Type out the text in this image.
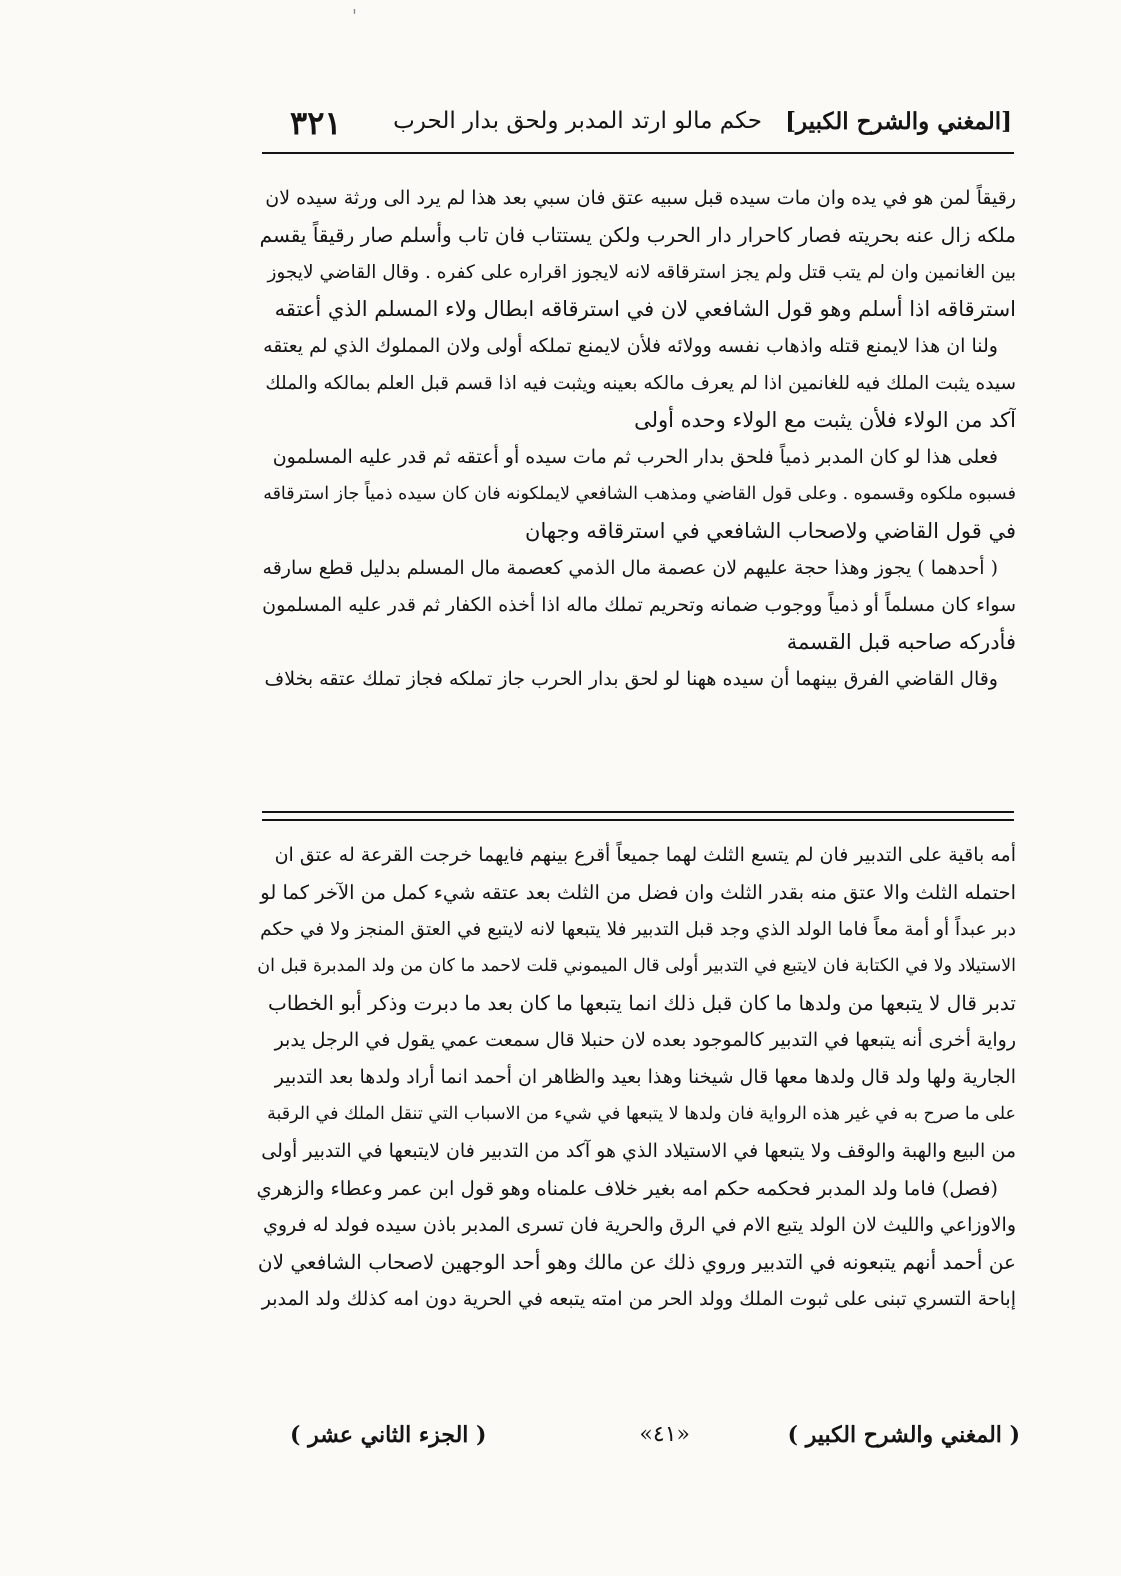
'
[المغني والشرح الكبير]
حكم مالو ارتد المدبر ولحق بدار الحرب
٣٢١
رقيقاً لمن هو في يده وان مات سيده قبل سبيه عتق فان سبي بعد هذا لم يرد الى ورثة سيده لان
ملكه زال عنه بحريته فصار كاحرار دار الحرب ولكن يستتاب فان تاب وأسلم صار رقيقاً يقسم
بين الغانمين وان لم يتب قتل ولم يجز استرقاقه لانه لايجوز اقراره على كفره . وقال القاضي لايجوز
استرقاقه اذا أسلم وهو قول الشافعي لان في استرقاقه ابطال ولاء المسلم الذي أعتقه
ولنا ان هذا لايمنع قتله واذهاب نفسه وولائه فلأن لايمنع تملكه أولى ولان المملوك الذي لم يعتقه
سيده يثبت الملك فيه للغانمين اذا لم يعرف مالكه بعينه ويثبت فيه اذا قسم قبل العلم بمالكه والملك
آكد من الولاء فلأن يثبت مع الولاء وحده أولى
فعلى هذا لو كان المدبر ذمياً فلحق بدار الحرب ثم مات سيده أو أعتقه ثم قدر عليه المسلمون
فسبوه ملكوه وقسموه . وعلى قول القاضي ومذهب الشافعي لايملكونه فان كان سيده ذمياً جاز استرقاقه
في قول القاضي ولاصحاب الشافعي في استرقاقه وجهان
( أحدهما ) يجوز وهذا حجة عليهم لان عصمة مال الذمي كعصمة مال المسلم بدليل قطع سارقه
سواء كان مسلماً أو ذمياً ووجوب ضمانه وتحريم تملك ماله اذا أخذه الكفار ثم قدر عليه المسلمون
فأدركه صاحبه قبل القسمة
وقال القاضي الفرق بينهما أن سيده ههنا لو لحق بدار الحرب جاز تملكه فجاز تملك عتقه بخلاف
أمه باقية على التدبير فان لم يتسع الثلث لهما جميعاً أقرع بينهم فايهما خرجت القرعة له عتق ان
احتمله الثلث والا عتق منه بقدر الثلث وان فضل من الثلث بعد عتقه شيء كمل من الآخر كما لو
دبر عبداً أو أمة معاً فاما الولد الذي وجد قبل التدبير فلا يتبعها لانه لايتبع في العتق المنجز ولا في حكم
الاستيلاد ولا في الكتابة فان لايتبع في التدبير أولى قال الميموني قلت لاحمد ما كان من ولد المدبرة قبل ان
تدبر قال لا يتبعها من ولدها ما كان قبل ذلك انما يتبعها ما كان بعد ما دبرت وذكر أبو الخطاب
رواية أخرى أنه يتبعها في التدبير كالموجود بعده لان حنبلا قال سمعت عمي يقول في الرجل يدبر
الجارية ولها ولد قال ولدها معها قال شيخنا وهذا بعيد والظاهر ان أحمد انما أراد ولدها بعد التدبير
على ما صرح به في غير هذه الرواية فان ولدها لا يتبعها في شيء من الاسباب التي تنقل الملك في الرقبة
من البيع والهبة والوقف ولا يتبعها في الاستيلاد الذي هو آكد من التدبير فان لايتبعها في التدبير أولى
(فصل) فاما ولد المدبر فحكمه حكم امه بغير خلاف علمناه وهو قول ابن عمر وعطاء والزهري
والاوزاعي والليث لان الولد يتبع الام في الرق والحرية فان تسرى المدبر باذن سيده فولد له فروي
عن أحمد أنهم يتبعونه في التدبير وروي ذلك عن مالك وهو أحد الوجهين لاصحاب الشافعي لان
إباحة التسري تبنى على ثبوت الملك وولد الحر من امته يتبعه في الحرية دون امه كذلك ولد المدبر
( المغني والشرح الكبير )
«٤١»
( الجزء الثاني عشر )
